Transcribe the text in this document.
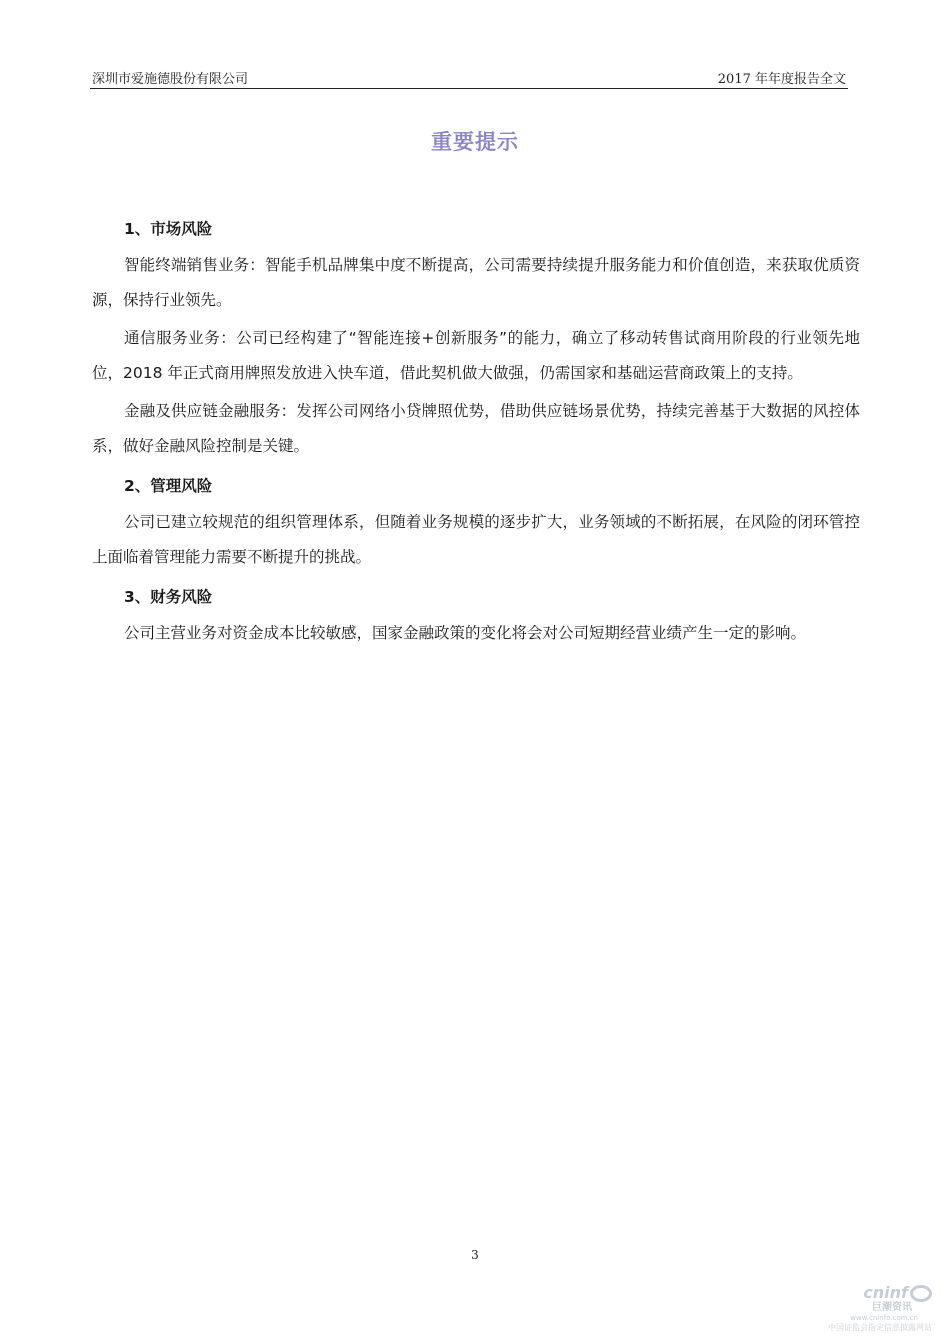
深圳市爱施德股份有限公司	2017 年年度报告全文
重要提示
1、市场风险

智能终端销售业务：智能手机品牌集中度不断提高，公司需要持续提升服务能力和价值创造，来获取优质资源，保持行业领先。

通信服务业务：公司已经构建了“智能连接+创新服务”的能力，确立了移动转售试商用阶段的行业领先地位，2018 年正式商用牌照发放进入快车道，借此契机做大做强，仍需国家和基础运营商政策上的支持。

金融及供应链金融服务：发挥公司网络小贷牌照优势，借助供应链场景优势，持续完善基于大数据的风控体系，做好金融风险控制是关键。

2、管理风险

公司已建立较规范的组织管理体系，但随着业务规模的逐步扩大，业务领域的不断拓展，在风险的闭环管控上面临着管理能力需要不断提升的挑战。

3、财务风险

公司主营业务对资金成本比较敏感，国家金融政策的变化将会对公司短期经营业绩产生一定的影响。

3
cninf
巨潮资讯
www.cninfo.com.cn
中国证监会指定信息披露网站
